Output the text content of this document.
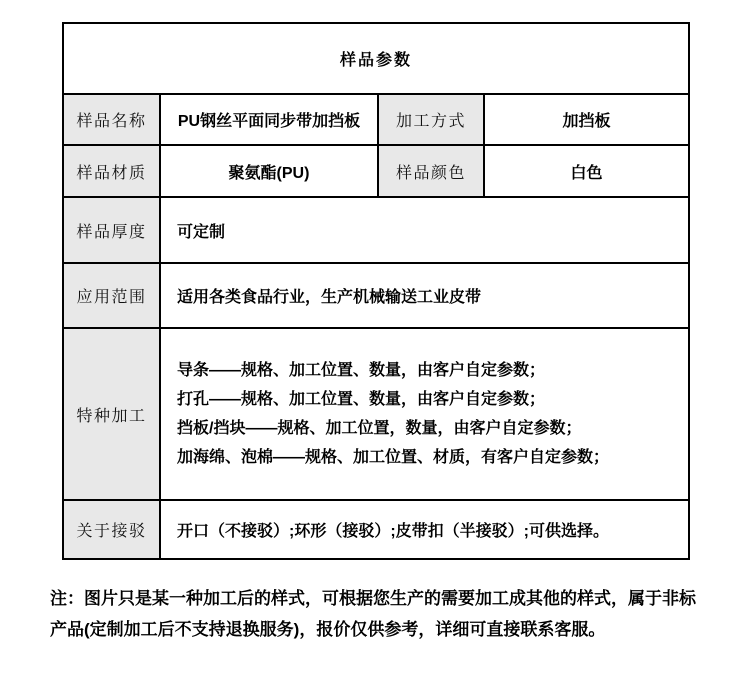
样品参数			
样品名称	PU钢丝平面同步带加挡板	加工方式	加挡板
样品材质	聚氨酯(PU)	样品颜色	白色
样品厚度	可定制		
应用范围	适用各类食品行业，生产机械输送工业皮带		
特种加工	导条——规格、加工位置、数量，由客户自定参数；
打孔——规格、加工位置、数量，由客户自定参数；
挡板/挡块——规格、加工位置，数量，由客户自定参数；
加海绵、泡棉——规格、加工位置、材质，有客户自定参数；		

关于接驳	开口（不接驳）;环形（接驳）;皮带扣（半接驳）;可供选择。		
注：图片只是某一种加工后的样式，可根据您生产的需要加工成其他的样式，属于非标
产品(定制加工后不支持退换服务)，报价仅供参考，详细可直接联系客服。
